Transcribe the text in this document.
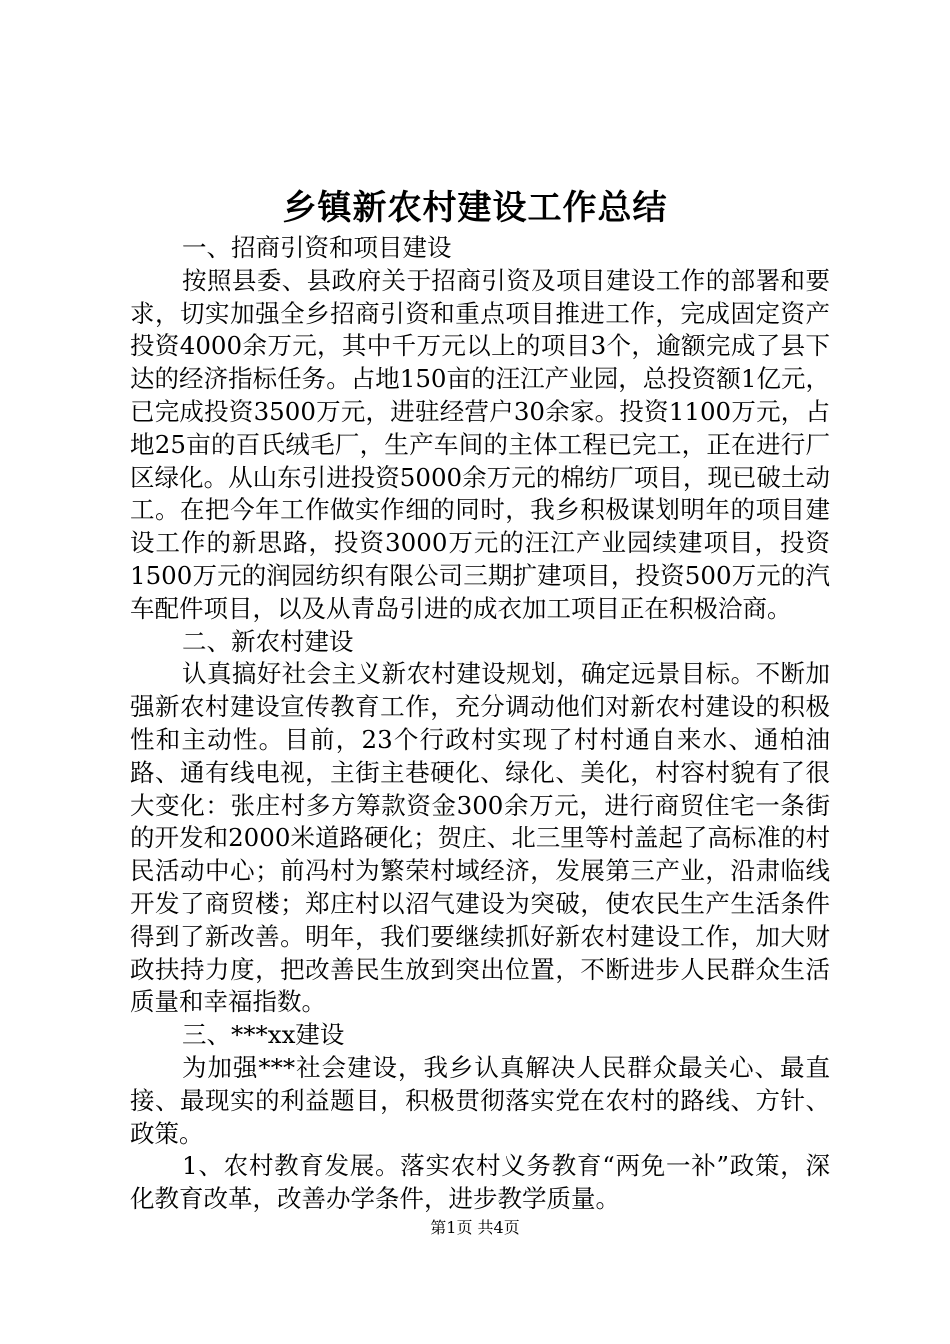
乡镇新农村建设工作总结

一、招商引资和项目建设

按照县委、县政府关于招商引资及项目建设工作的部署和要求，切实加强全乡招商引资和重点项目推进工作，完成固定资产投资4000余万元，其中千万元以上的项目3个，逾额完成了县下达的经济指标任务。占地150亩的汪江产业园，总投资额1亿元，已完成投资3500万元，进驻经营户30余家。投资1100万元，占地25亩的百氏绒毛厂，生产车间的主体工程已完工，正在进行厂区绿化。从山东引进投资5000余万元的棉纺厂项目，现已破土动工。在把今年工作做实作细的同时，我乡积极谋划明年的项目建设工作的新思路，投资3000万元的汪江产业园续建项目，投资1500万元的润园纺织有限公司三期扩建项目，投资500万元的汽车配件项目，以及从青岛引进的成衣加工项目正在积极洽商。

二、新农村建设

认真搞好社会主义新农村建设规划，确定远景目标。不断加强新农村建设宣传教育工作，充分调动他们对新农村建设的积极性和主动性。目前，23个行政村实现了村村通自来水、通柏油路、通有线电视，主街主巷硬化、绿化、美化，村容村貌有了很大变化：张庄村多方筹款资金300余万元，进行商贸住宅一条街的开发和2000米道路硬化；贺庄、北三里等村盖起了高标准的村民活动中心；前冯村为繁荣村域经济，发展第三产业，沿肃临线开发了商贸楼；郑庄村以沼气建设为突破，使农民生产生活条件得到了新改善。明年，我们要继续抓好新农村建设工作，加大财政扶持力度，把改善民生放到突出位置，不断进步人民群众生活质量和幸福指数。

三、***xx建设

为加强***社会建设，我乡认真解决人民群众最关心、最直接、最现实的利益题目，积极贯彻落实党在农村的路线、方针、政策。

1、农村教育发展。落实农村义务教育“两免一补”政策，深化教育改革，改善办学条件，进步教学质量。

第1页 共4页
